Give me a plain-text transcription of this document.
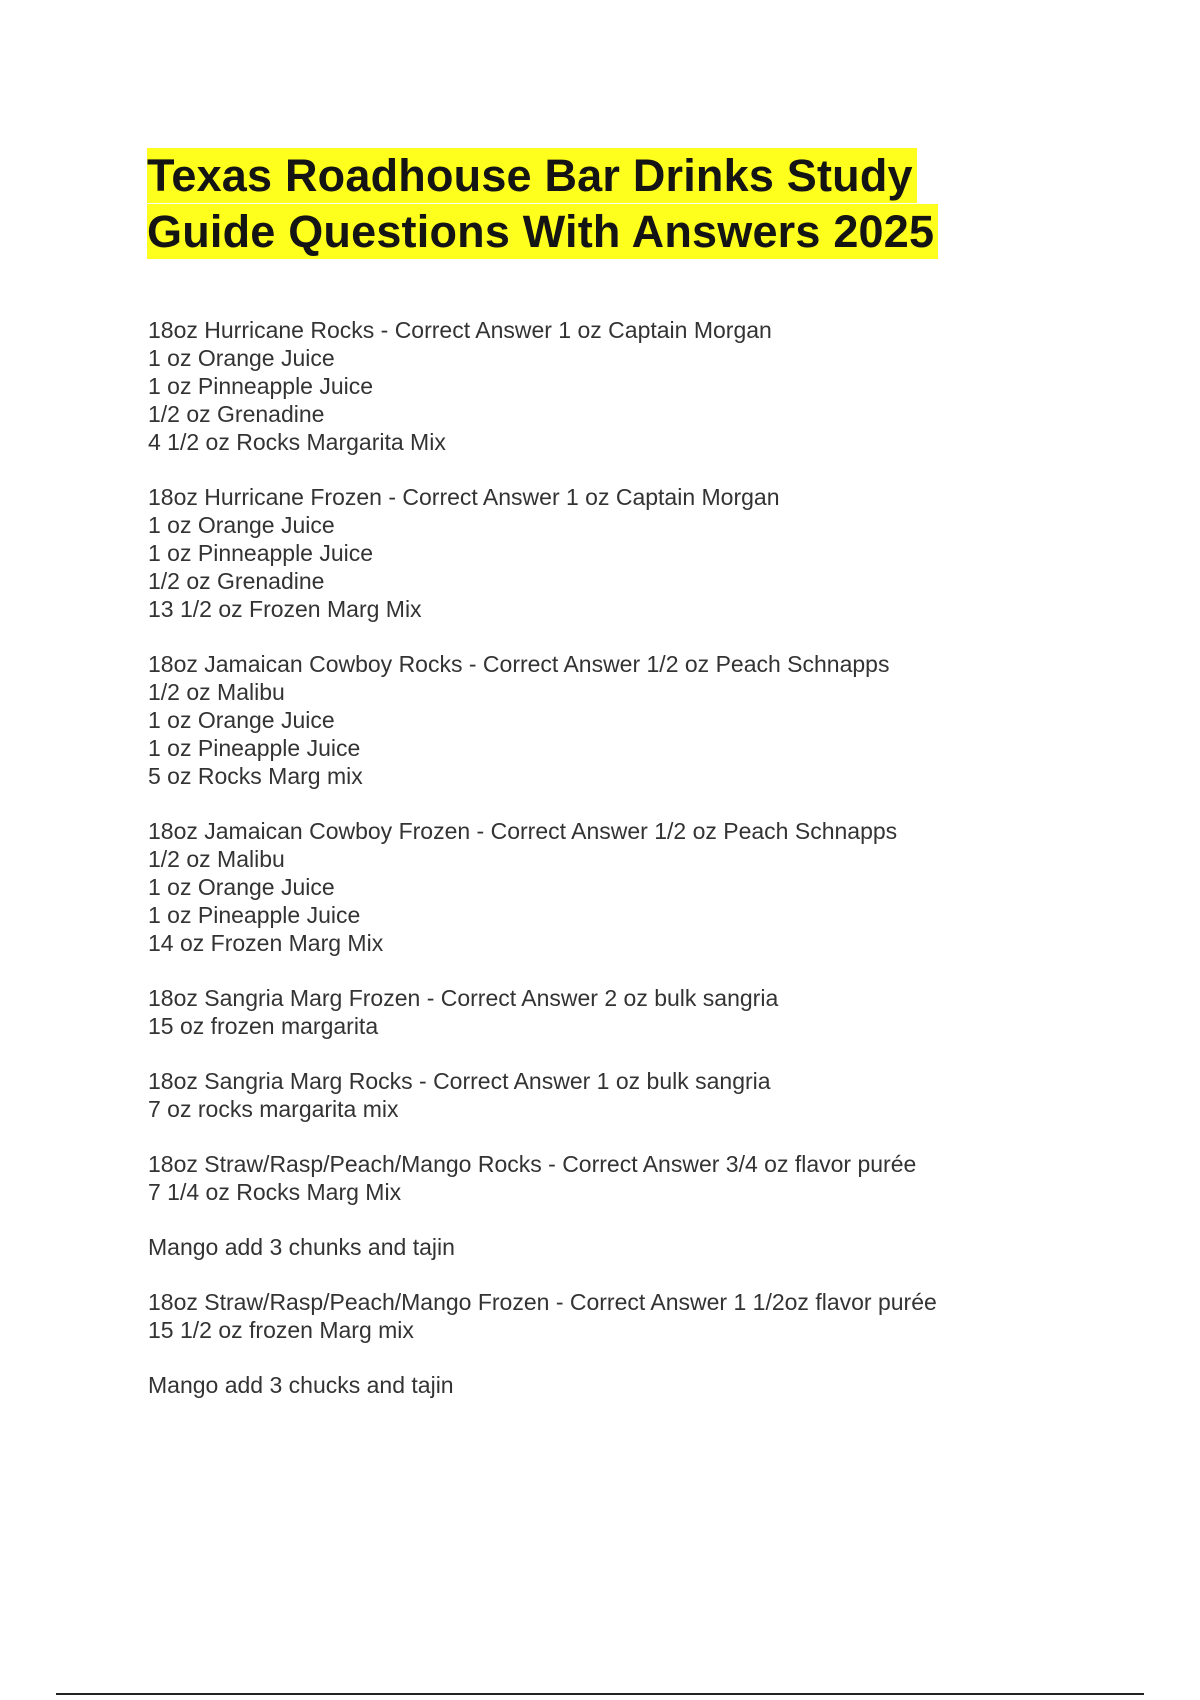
Texas Roadhouse Bar Drinks Study
Guide Questions With Answers 2025
18oz Hurricane Rocks - Correct Answer 1 oz Captain Morgan
1 oz Orange Juice
1 oz Pinneapple Juice
1/2 oz Grenadine
4 1/2 oz Rocks Margarita Mix
18oz Hurricane Frozen - Correct Answer 1 oz Captain Morgan
1 oz Orange Juice
1 oz Pinneapple Juice
1/2 oz Grenadine
13 1/2 oz Frozen Marg Mix
18oz Jamaican Cowboy Rocks - Correct Answer 1/2 oz Peach Schnapps
1/2 oz Malibu
1 oz Orange Juice
1 oz Pineapple Juice
5 oz Rocks Marg mix
18oz Jamaican Cowboy Frozen - Correct Answer 1/2 oz Peach Schnapps
1/2 oz Malibu
1 oz Orange Juice
1 oz Pineapple Juice
14 oz Frozen Marg Mix
18oz Sangria Marg Frozen - Correct Answer 2 oz bulk sangria
15 oz frozen margarita
18oz Sangria Marg Rocks - Correct Answer 1 oz bulk sangria
7 oz rocks margarita mix
18oz Straw/Rasp/Peach/Mango Rocks - Correct Answer 3/4 oz flavor purée
7 1/4 oz Rocks Marg Mix
Mango add 3 chunks and tajin
18oz Straw/Rasp/Peach/Mango Frozen - Correct Answer 1 1/2oz flavor purée
15 1/2 oz frozen Marg mix
Mango add 3 chucks and tajin
